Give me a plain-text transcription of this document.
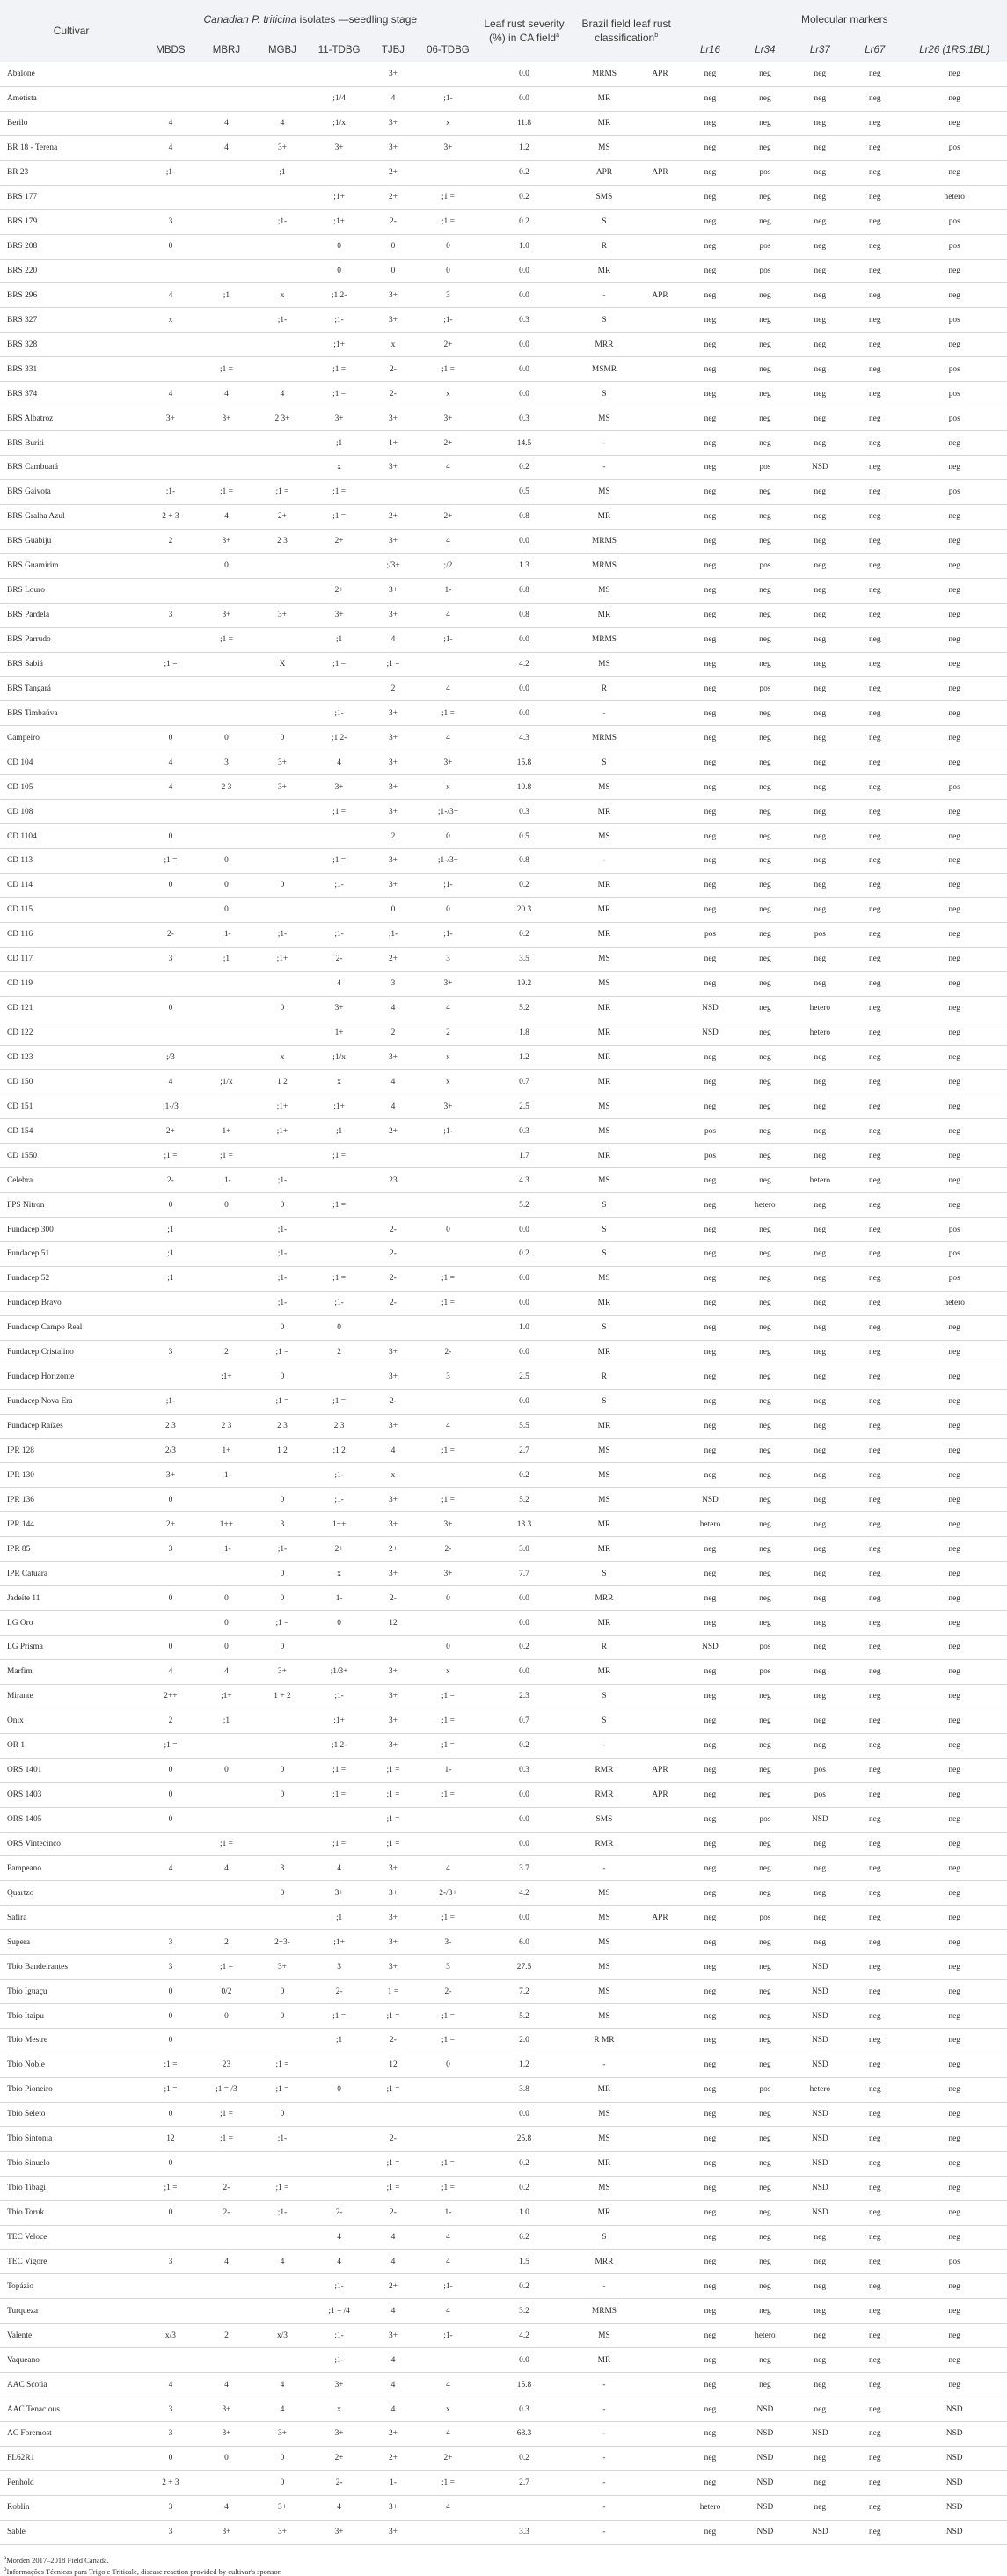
Cultivar	Canadian P. triticina isolates —seedling stage						Leaf rust severity (%) in CA field$^a$	Brazil field leaf rust classification$^b$		Molecular markers				
	MBDS	MBRJ	MGBJ	11-TDBG	TJBJ	06-TDBG				Lr16	Lr34	Lr37	Lr67	Lr26 (1RS:1BL)
Abalone					3+		0.0	MRMS	APR	neg	neg	neg	neg	neg
Ametista				;1/4	4	;1-	0.0	MR		neg	neg	neg	neg	neg
Berilo	4	4	4	;1/x	3+	x	11.8	MR		neg	neg	neg	neg	neg
BR 18 - Terena	4	4	3+	3+	3+	3+	1.2	MS		neg	neg	neg	neg	pos
BR 23	;1-		;1		2+		0.2	APR	APR	neg	pos	neg	neg	neg
BRS 177				;1+	2+	;1 =	0.2	SMS		neg	neg	neg	neg	hetero
BRS 179	3		;1-	;1+	2-	;1 =	0.2	S		neg	neg	neg	neg	pos
BRS 208	0			0	0	0	1.0	R		neg	pos	neg	neg	pos
BRS 220				0	0	0	0.0	MR		neg	pos	neg	neg	neg
BRS 296	4	;1	x	;1 2-	3+	3	0.0	-	APR	neg	neg	neg	neg	neg
BRS 327	x		;1-	;1-	3+	;1-	0.3	S		neg	neg	neg	neg	pos
BRS 328				;1+	x	2+	0.0	MRR		neg	neg	neg	neg	neg
BRS 331		;1 =		;1 =	2-	;1 =	0.0	MSMR		neg	neg	neg	neg	pos
BRS 374	4	4	4	;1 =	2-	x	0.0	S		neg	neg	neg	neg	pos
BRS Albatroz	3+	3+	2 3+	3+	3+	3+	0.3	MS		neg	neg	neg	neg	pos
BRS Buriti				;1	1+	2+	14.5	-		neg	neg	neg	neg	neg
BRS Cambuatá				x	3+	4	0.2	-		neg	pos	NSD	neg	neg
BRS Gaivota	;1-	;1 =	;1 =	;1 =			0.5	MS		neg	neg	neg	neg	pos
BRS Gralha Azul	2 + 3	4	2+	;1 =	2+	2+	0.8	MR		neg	neg	neg	neg	neg
BRS Guabiju	2	3+	2 3	2+	3+	4	0.0	MRMS		neg	neg	neg	neg	neg
BRS Guamirim		0			;/3+	;/2	1.3	MRMS		neg	pos	neg	neg	neg
BRS Louro				2+	3+	1-	0.8	MS		neg	neg	neg	neg	neg
BRS Pardela	3	3+	3+	3+	3+	4	0.8	MR		neg	neg	neg	neg	neg
BRS Parrudo		;1 =		;1	4	;1-	0.0	MRMS		neg	neg	neg	neg	neg
BRS Sabiá	;1 =		X	;1 =	;1 =		4.2	MS		neg	neg	neg	neg	neg
BRS Tangará					2	4	0.0	R		neg	pos	neg	neg	neg
BRS Timbaúva				;1-	3+	;1 =	0.0	-		neg	neg	neg	neg	neg
Campeiro	0	0	0	;1 2-	3+	4	4.3	MRMS		neg	neg	neg	neg	neg
CD 104	4	3	3+	4	3+	3+	15.8	S		neg	neg	neg	neg	neg
CD 105	4	2 3	3+	3+	3+	x	10.8	MS		neg	neg	neg	neg	pos
CD 108				;1 =	3+	;1-/3+	0.3	MR		neg	neg	neg	neg	neg
CD 1104	0				2	0	0.5	MS		neg	neg	neg	neg	neg
CD 113	;1 =	0		;1 =	3+	;1-/3+	0.8	-		neg	neg	neg	neg	neg
CD 114	0	0	0	;1-	3+	;1-	0.2	MR		neg	neg	neg	neg	neg
CD 115		0			0	0	20.3	MR		neg	neg	neg	neg	neg
CD 116	2-	;1-	;1-	;1-	;1-	;1-	0.2	MR		pos	neg	pos	neg	neg
CD 117	3	;1	;1+	2-	2+	3	3.5	MS		neg	neg	neg	neg	neg
CD 119				4	3	3+	19.2	MS		neg	neg	neg	neg	neg
CD 121	0		0	3+	4	4	5.2	MR		NSD	neg	hetero	neg	neg
CD 122				1+	2	2	1.8	MR		NSD	neg	hetero	neg	neg
CD 123	;/3		x	;1/x	3+	x	1.2	MR		neg	neg	neg	neg	neg
CD 150	4	;1/x	1 2	x	4	x	0.7	MR		neg	neg	neg	neg	neg
CD 151	;1-/3		;1+	;1+	4	3+	2.5	MS		neg	neg	neg	neg	neg
CD 154	2+	1+	;1+	;1	2+	;1-	0.3	MS		pos	neg	neg	neg	neg
CD 1550	;1 =	;1 =		;1 =			1.7	MR		pos	neg	neg	neg	neg
Celebra	2-	;1-	;1-		23		4.3	MS		neg	neg	hetero	neg	neg
FPS Nitron	0	0	0	;1 =			5.2	S		neg	hetero	neg	neg	neg
Fundacep 300	;1		;1-		2-	0	0.0	S		neg	neg	neg	neg	pos
Fundacep 51	;1		;1-		2-		0.2	S		neg	neg	neg	neg	pos
Fundacep 52	;1		;1-	;1 =	2-	;1 =	0.0	MS		neg	neg	neg	neg	pos
Fundacep Bravo			;1-	;1-	2-	;1 =	0.0	MR		neg	neg	neg	neg	hetero
Fundacep Campo Real			0	0			1.0	S		neg	neg	neg	neg	neg
Fundacep Cristalino	3	2	;1 =	2	3+	2-	0.0	MR		neg	neg	neg	neg	neg
Fundacep Horizonte		;1+	0		3+	3	2.5	R		neg	neg	neg	neg	neg
Fundacep Nova Era	;1-		;1 =	;1 =	2-		0.0	S		neg	neg	neg	neg	neg
Fundacep Raízes	2 3	2 3	2 3	2 3	3+	4	5.5	MR		neg	neg	neg	neg	neg
IPR 128	2/3	1+	1 2	;1 2	4	;1 =	2.7	MS		neg	neg	neg	neg	neg
IPR 130	3+	;1-		;1-	x		0.2	MS		neg	neg	neg	neg	neg
IPR 136	0		0	;1-	3+	;1 =	5.2	MS		NSD	neg	neg	neg	neg
IPR 144	2+	1++	3	1++	3+	3+	13.3	MR		hetero	neg	neg	neg	neg
IPR 85	3	;1-	;1-	2+	2+	2-	3.0	MR		neg	neg	neg	neg	neg
IPR Catuara			0	x	3+	3+	7.7	S		neg	neg	neg	neg	neg
Jadeíte 11	0	0	0	1-	2-	0	0.0	MRR		neg	neg	neg	neg	neg
LG Oro		0	;1 =	0	12		0.0	MR		neg	neg	neg	neg	neg
LG Prisma	0	0	0			0	0.2	R		NSD	pos	neg	neg	neg
Marfim	4	4	3+	;1/3+	3+	x	0.0	MR		neg	pos	neg	neg	neg
Mirante	2++	;1+	1 + 2	;1-	3+	;1 =	2.3	S		neg	neg	neg	neg	neg
Onix	2	;1		;1+	3+	;1 =	0.7	S		neg	neg	neg	neg	neg
OR 1	;1 =			;1 2-	3+	;1 =	0.2	-		neg	neg	neg	neg	neg
ORS 1401	0	0	0	;1 =	;1 =	1-	0.3	RMR	APR	neg	neg	pos	neg	neg
ORS 1403	0		0	;1 =	;1 =	;1 =	0.0	RMR	APR	neg	neg	pos	neg	neg
ORS 1405	0				;1 =		0.0	SMS		neg	pos	NSD	neg	neg
ORS Vintecinco		;1 =		;1 =	;1 =		0.0	RMR		neg	neg	neg	neg	neg
Pampeano	4	4	3	4	3+	4	3.7	-		neg	neg	neg	neg	neg
Quartzo			0	3+	3+	2-/3+	4.2	MS		neg	neg	neg	neg	neg
Safira				;1	3+	;1 =	0.0	MS	APR	neg	pos	neg	neg	neg
Supera	3	2	2+3-	;1+	3+	3-	6.0	MS		neg	neg	neg	neg	neg
Tbio Bandeirantes	3	;1 =	3+	3	3+	3	27.5	MS		neg	neg	NSD	neg	neg
Tbio Iguaçu	0	0/2	0	2-	1 =	2-	7.2	MS		neg	neg	NSD	neg	neg
Tbio Itaipu	0	0	0	;1 =	;1 =	;1 =	5.2	MS		neg	neg	NSD	neg	neg
Tbio Mestre	0			;1	2-	;1 =	2.0	R MR		neg	neg	NSD	neg	neg
Tbio Noble	;1 =	23	;1 =		12	0	1.2	-		neg	neg	NSD	neg	neg
Tbio Pioneiro	;1 =	;1 = /3	;1 =	0	;1 =		3.8	MR		neg	pos	hetero	neg	neg
Tbio Seleto	0	;1 =	0				0.0	MS		neg	neg	NSD	neg	neg
Tbio Sintonia	12	;1 =	;1-		2-		25.8	MS		neg	neg	NSD	neg	neg
Tbio Sinuelo	0				;1 =	;1 =	0.2	MR		neg	neg	NSD	neg	neg
Tbio Tibagi	;1 =	2-	;1 =		;1 =	;1 =	0.2	MS		neg	neg	NSD	neg	neg
Tbio Toruk	0	2-	;1-	2-	2-	1-	1.0	MR		neg	neg	NSD	neg	neg
TEC Veloce				4	4	4	6.2	S		neg	neg	neg	neg	neg
TEC Vigore	3	4	4	4	4	4	1.5	MRR		neg	neg	neg	neg	pos
Topázio				;1-	2+	;1-	0.2	-		neg	neg	neg	neg	neg
Turqueza				;1 = /4	4	4	3.2	MRMS		neg	neg	neg	neg	neg
Valente	x/3	2	x/3	;1-	3+	;1-	4.2	MS		neg	hetero	neg	neg	neg
Vaqueano				;1-	4		0.0	MR		neg	neg	neg	neg	neg
AAC Scotia	4	4	4	3+	4	4	15.8	-		neg	neg	neg	neg	neg
AAC Tenacious	3	3+	4	x	4	x	0.3	-		neg	NSD	neg	neg	NSD
AC Foremost	3	3+	3+	3+	2+	4	68.3	-		neg	NSD	NSD	neg	NSD
FL62R1	0	0	0	2+	2+	2+	0.2	-		neg	NSD	neg	neg	NSD
Penhold	2 + 3		0	2-	1-	;1 =	2.7	-		neg	NSD	neg	neg	NSD
Roblin	3	4	3+	4	3+	4		-		hetero	NSD	neg	neg	NSD
Sable	3	3+	3+	3+	3+		3.3	-		neg	NSD	NSD	neg	NSD
$^a$Morden 2017–2018 Field Canada.
$^b$Informações Técnicas para Trigo e Triticale, disease reaction provided by cultivar's sponsor.
